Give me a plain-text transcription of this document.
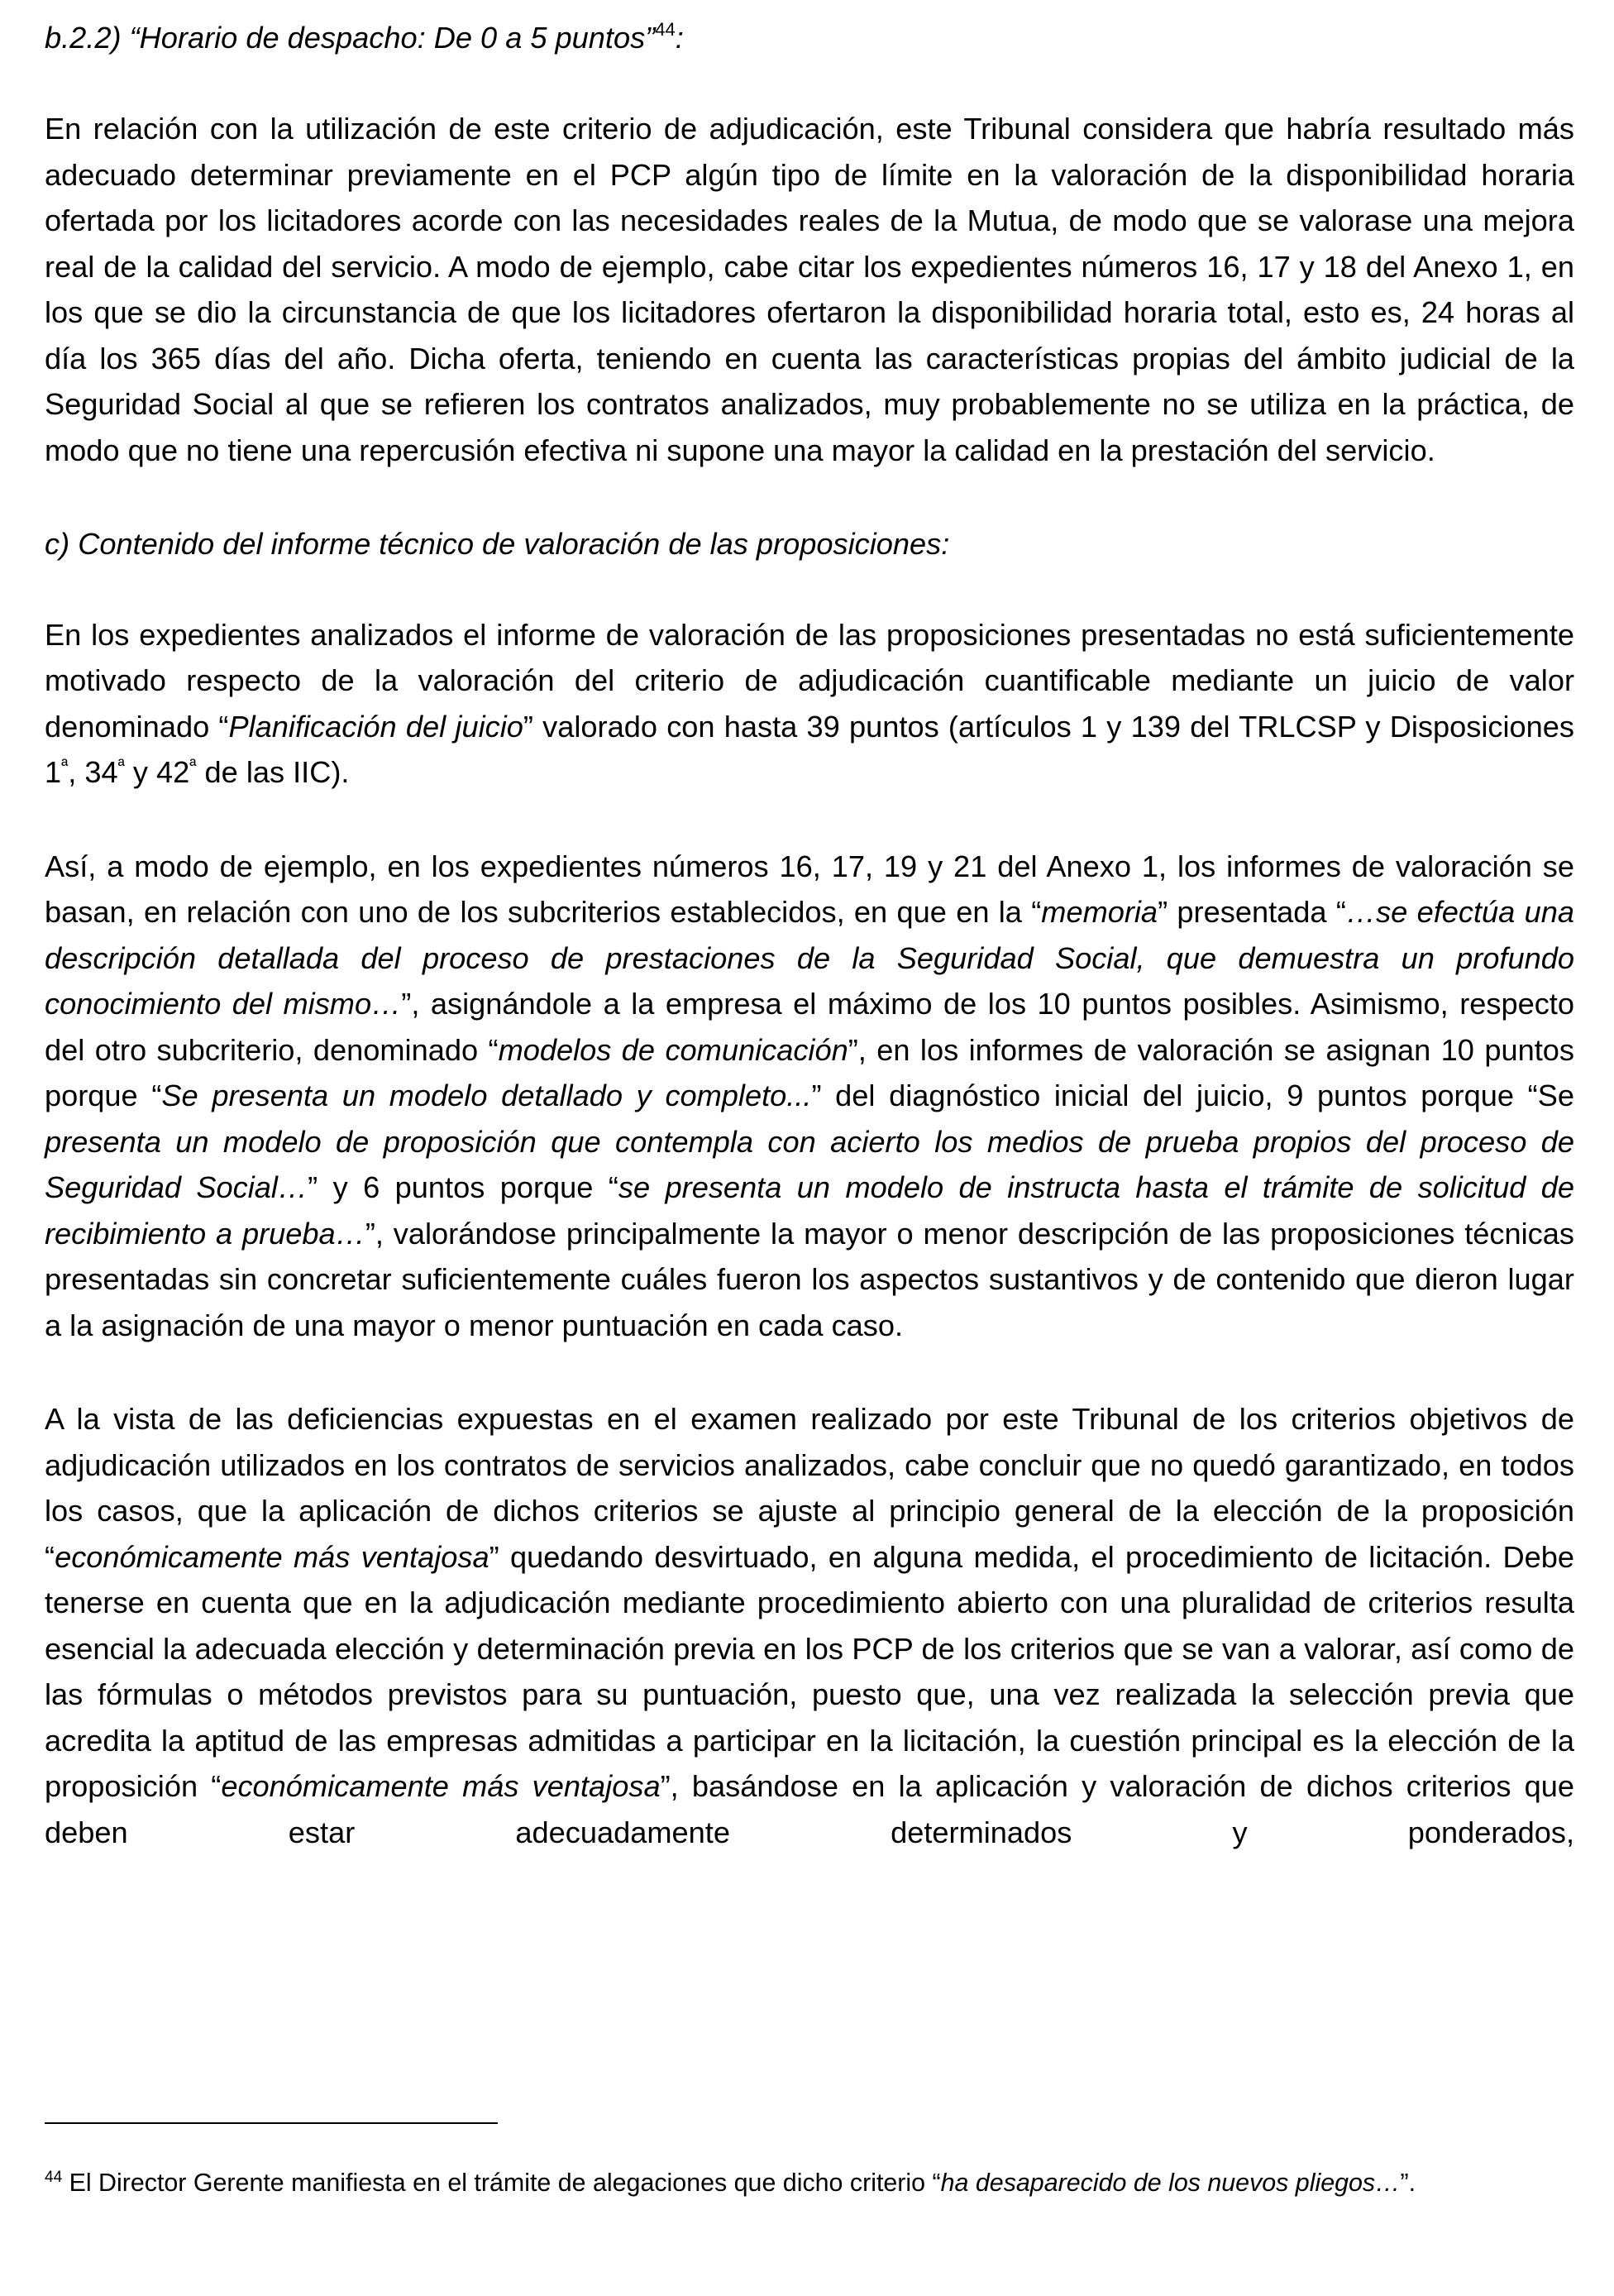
b.2.2) “Horario de despacho: De 0 a 5 puntos”$^{44}$:

En relación con la utilización de este criterio de adjudicación, este Tribunal considera que habría resultado más adecuado determinar previamente en el PCP algún tipo de límite en la valoración de la disponibilidad horaria ofertada por los licitadores acorde con las necesidades reales de la Mutua, de modo que se valorase una mejora real de la calidad del servicio. A modo de ejemplo, cabe citar los expedientes números 16, 17 y 18 del Anexo 1, en los que se dio la circunstancia de que los licitadores ofertaron la disponibilidad horaria total, esto es, 24 horas al día los 365 días del año. Dicha oferta, teniendo en cuenta las características propias del ámbito judicial de la Seguridad Social al que se refieren los contratos analizados, muy probablemente no se utiliza en la práctica, de modo que no tiene una repercusión efectiva ni supone una mayor la calidad en la prestación del servicio.

c) Contenido del informe técnico de valoración de las proposiciones:

En los expedientes analizados el informe de valoración de las proposiciones presentadas no está suficientemente motivado respecto de la valoración del criterio de adjudicación cuantificable mediante un juicio de valor denominado “Planificación del juicio” valorado con hasta 39 puntos (artículos 1 y 139 del TRLCSP y Disposiciones $1^ª$, $34^ª$ y $42^ª$ de las IIC).

Así, a modo de ejemplo, en los expedientes números 16, 17, 19 y 21 del Anexo 1, los informes de valoración se basan, en relación con uno de los subcriterios establecidos, en que en la “memoria” presentada “…se efectúa una descripción detallada del proceso de prestaciones de la Seguridad Social, que demuestra un profundo conocimiento del mismo…”, asignándole a la empresa el máximo de los 10 puntos posibles. Asimismo, respecto del otro subcriterio, denominado “modelos de comunicación”, en los informes de valoración se asignan 10 puntos porque “Se presenta un modelo detallado y completo...” del diagnóstico inicial del juicio, 9 puntos porque “Se presenta un modelo de proposición que contempla con acierto los medios de prueba propios del proceso de Seguridad Social…” y 6 puntos porque “se presenta un modelo de instructa hasta el trámite de solicitud de recibimiento a prueba…”, valorándose principalmente la mayor o menor descripción de las proposiciones técnicas presentadas sin concretar suficientemente cuáles fueron los aspectos sustantivos y de contenido que dieron lugar a la asignación de una mayor o menor puntuación en cada caso.

A la vista de las deficiencias expuestas en el examen realizado por este Tribunal de los criterios objetivos de adjudicación utilizados en los contratos de servicios analizados, cabe concluir que no quedó garantizado, en todos los casos, que la aplicación de dichos criterios se ajuste al principio general de la elección de la proposición “económicamente más ventajosa” quedando desvirtuado, en alguna medida, el procedimiento de licitación. Debe tenerse en cuenta que en la adjudicación mediante procedimiento abierto con una pluralidad de criterios resulta esencial la adecuada elección y determinación previa en los PCP de los criterios que se van a valorar, así como de las fórmulas o métodos previstos para su puntuación, puesto que, una vez realizada la selección previa que acredita la aptitud de las empresas admitidas a participar en la licitación, la cuestión principal es la elección de la proposición “económicamente más ventajosa”, basándose en la aplicación y valoración de dichos criterios que deben estar adecuadamente determinados y ponderados,

$^{44}$ El Director Gerente manifiesta en el trámite de alegaciones que dicho criterio “ha desaparecido de los nuevos pliegos…”.
